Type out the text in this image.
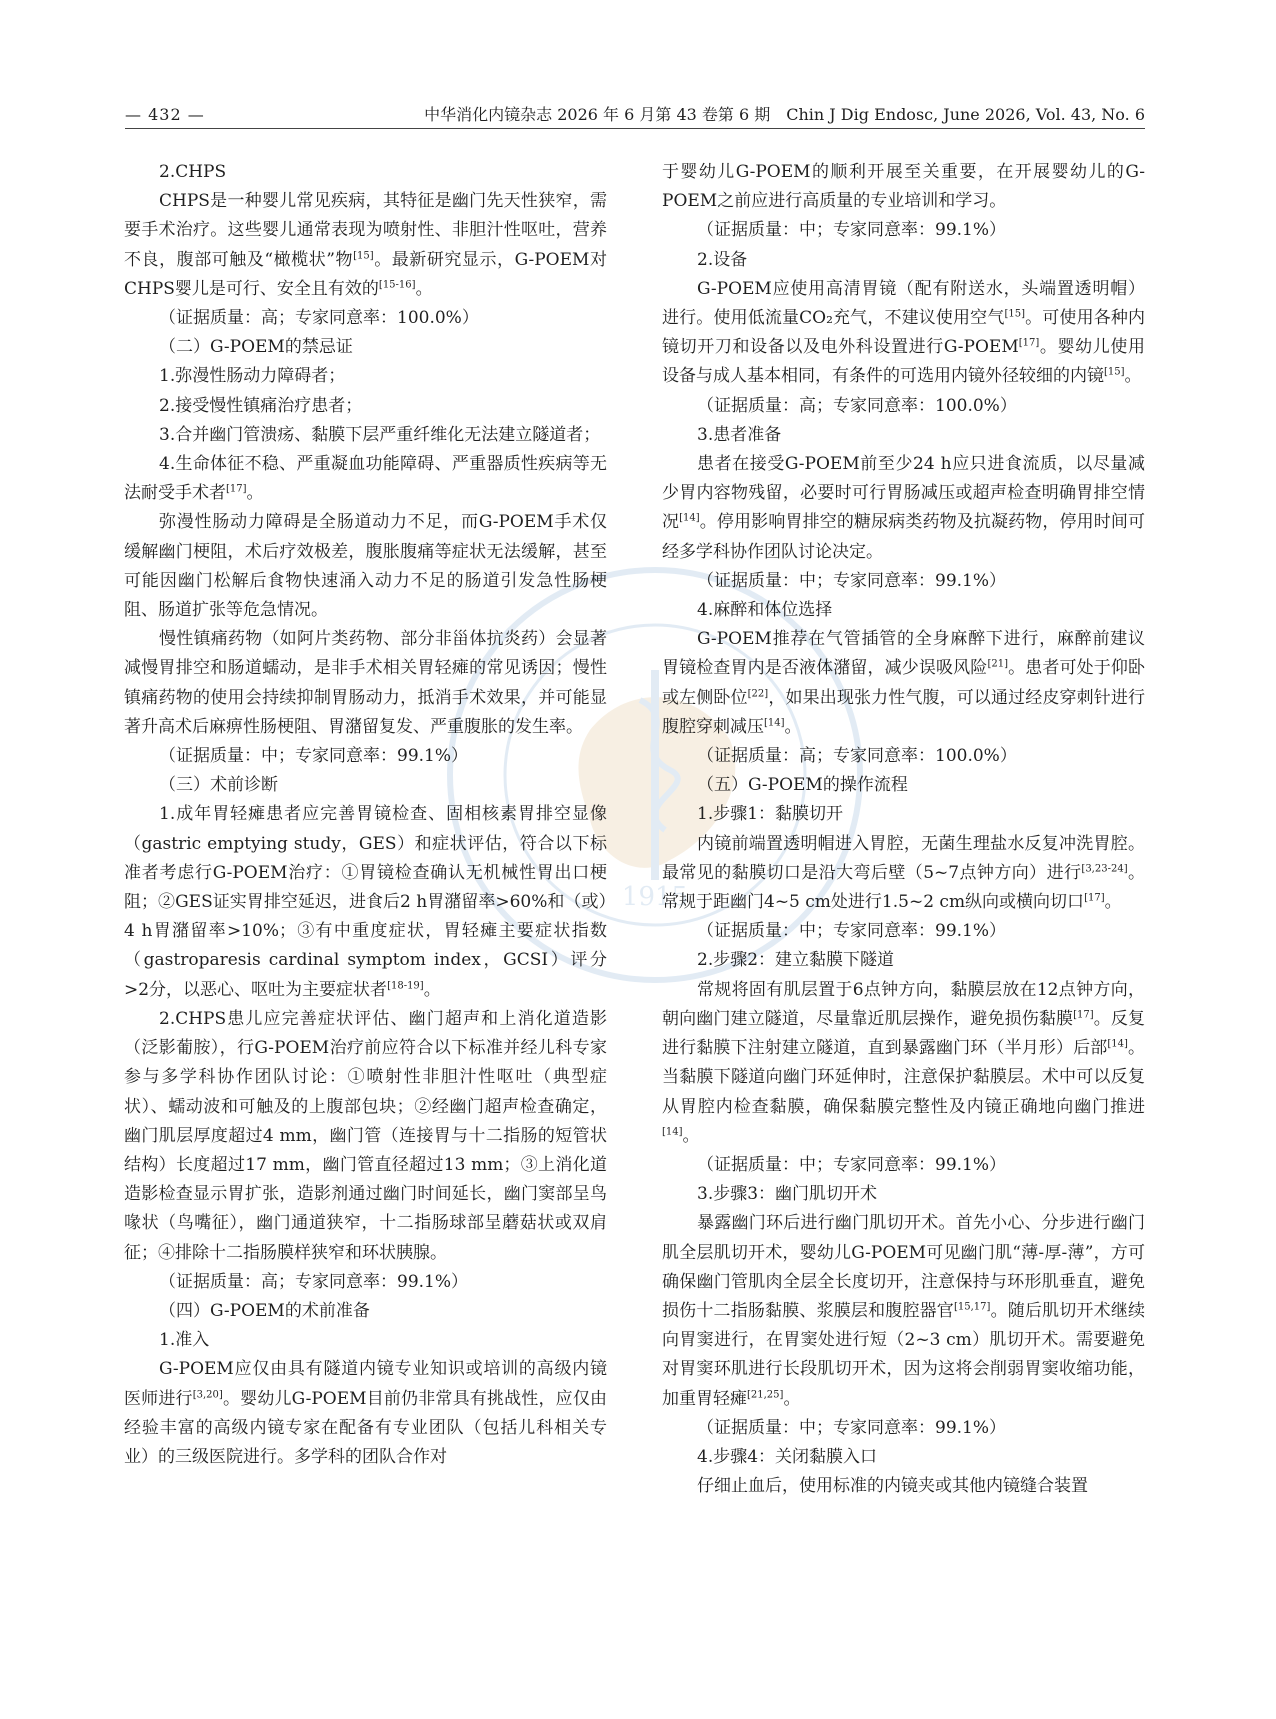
— 432 —	中华消化内镜杂志 2026 年 6 月第 43 卷第 6 期　Chin J Dig Endosc, June 2026, Vol. 43, No. 6
1915

2.CHPS

CHPS是一种婴儿常见疾病，其特征是幽门先天性狭窄，需要手术治疗。这些婴儿通常表现为喷射性、非胆汁性呕吐，营养不良，腹部可触及“橄榄状”物[15]。最新研究显示，G-POEM对CHPS婴儿是可行、安全且有效的[15-16]。

（证据质量：高；专家同意率：100.0%）

（二）G-POEM的禁忌证

1.弥漫性肠动力障碍者；

2.接受慢性镇痛治疗患者；

3.合并幽门管溃疡、黏膜下层严重纤维化无法建立隧道者；

4.生命体征不稳、严重凝血功能障碍、严重器质性疾病等无法耐受手术者[17]。

弥漫性肠动力障碍是全肠道动力不足，而G-POEM手术仅缓解幽门梗阻，术后疗效极差，腹胀腹痛等症状无法缓解，甚至可能因幽门松解后食物快速涌入动力不足的肠道引发急性肠梗阻、肠道扩张等危急情况。

慢性镇痛药物（如阿片类药物、部分非甾体抗炎药）会显著减慢胃排空和肠道蠕动，是非手术相关胃轻瘫的常见诱因；慢性镇痛药物的使用会持续抑制胃肠动力，抵消手术效果，并可能显著升高术后麻痹性肠梗阻、胃潴留复发、严重腹胀的发生率。

（证据质量：中；专家同意率：99.1%）

（三）术前诊断

1.成年胃轻瘫患者应完善胃镜检查、固相核素胃排空显像（gastric emptying study，GES）和症状评估，符合以下标准者考虑行G-POEM治疗：①胃镜检查确认无机械性胃出口梗阻；②GES证实胃排空延迟，进食后2 h胃潴留率>60%和（或）4 h胃潴留率>10%；③有中重度症状，胃轻瘫主要症状指数（gastroparesis cardinal symptom index，GCSI）评分>2分，以恶心、呕吐为主要症状者[18-19]。

2.CHPS患儿应完善症状评估、幽门超声和上消化道造影（泛影葡胺），行G-POEM治疗前应符合以下标准并经儿科专家参与多学科协作团队讨论：①喷射性非胆汁性呕吐（典型症状）、蠕动波和可触及的上腹部包块；②经幽门超声检查确定，幽门肌层厚度超过4 mm，幽门管（连接胃与十二指肠的短管状结构）长度超过17 mm，幽门管直径超过13 mm；③上消化道造影检查显示胃扩张，造影剂通过幽门时间延长，幽门窦部呈鸟喙状（鸟嘴征），幽门通道狭窄，十二指肠球部呈蘑菇状或双肩征；④排除十二指肠膜样狭窄和环状胰腺。

（证据质量：高；专家同意率：99.1%）

（四）G-POEM的术前准备

1.准入

G-POEM应仅由具有隧道内镜专业知识或培训的高级内镜医师进行[3,20]。婴幼儿G-POEM目前仍非常具有挑战性，应仅由经验丰富的高级内镜专家在配备有专业团队（包括儿科相关专业）的三级医院进行。多学科的团队合作对

于婴幼儿G-POEM的顺利开展至关重要，在开展婴幼儿的G-POEM之前应进行高质量的专业培训和学习。

（证据质量：中；专家同意率：99.1%）

2.设备

G-POEM应使用高清胃镜（配有附送水，头端置透明帽）进行。使用低流量CO₂充气，不建议使用空气[15]。可使用各种内镜切开刀和设备以及电外科设置进行G-POEM[17]。婴幼儿使用设备与成人基本相同，有条件的可选用内镜外径较细的内镜[15]。

（证据质量：高；专家同意率：100.0%）

3.患者准备

患者在接受G-POEM前至少24 h应只进食流质，以尽量减少胃内容物残留，必要时可行胃肠减压或超声检查明确胃排空情况[14]。停用影响胃排空的糖尿病类药物及抗凝药物，停用时间可经多学科协作团队讨论决定。

（证据质量：中；专家同意率：99.1%）

4.麻醉和体位选择

G-POEM推荐在气管插管的全身麻醉下进行，麻醉前建议胃镜检查胃内是否液体潴留，减少误吸风险[21]。患者可处于仰卧或左侧卧位[22]，如果出现张力性气腹，可以通过经皮穿刺针进行腹腔穿刺减压[14]。

（证据质量：高；专家同意率：100.0%）

（五）G-POEM的操作流程

1.步骤1：黏膜切开

内镜前端置透明帽进入胃腔，无菌生理盐水反复冲洗胃腔。最常见的黏膜切口是沿大弯后壁（5~7点钟方向）进行[3,23-24]。常规于距幽门4~5 cm处进行1.5~2 cm纵向或横向切口[17]。

（证据质量：中；专家同意率：99.1%）

2.步骤2：建立黏膜下隧道

常规将固有肌层置于6点钟方向，黏膜层放在12点钟方向，朝向幽门建立隧道，尽量靠近肌层操作，避免损伤黏膜[17]。反复进行黏膜下注射建立隧道，直到暴露幽门环（半月形）后部[14]。当黏膜下隧道向幽门环延伸时，注意保护黏膜层。术中可以反复从胃腔内检查黏膜，确保黏膜完整性及内镜正确地向幽门推进[14]。

（证据质量：中；专家同意率：99.1%）

3.步骤3：幽门肌切开术

暴露幽门环后进行幽门肌切开术。首先小心、分步进行幽门肌全层肌切开术，婴幼儿G-POEM可见幽门肌“薄-厚-薄”，方可确保幽门管肌肉全层全长度切开，注意保持与环形肌垂直，避免损伤十二指肠黏膜、浆膜层和腹腔器官[15,17]。随后肌切开术继续向胃窦进行，在胃窦处进行短（2~3 cm）肌切开术。需要避免对胃窦环肌进行长段肌切开术，因为这将会削弱胃窦收缩功能，加重胃轻瘫[21,25]。

（证据质量：中；专家同意率：99.1%）

4.步骤4：关闭黏膜入口

仔细止血后，使用标准的内镜夹或其他内镜缝合装置
